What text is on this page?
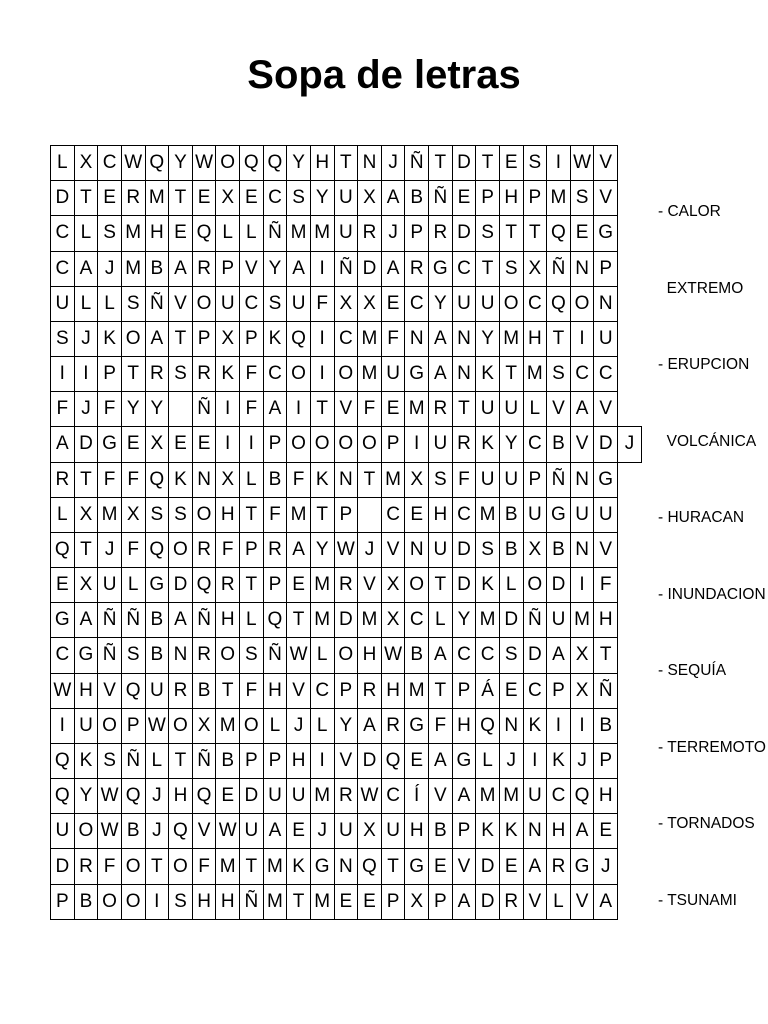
Sopa de letras
L	X	C	W	Q	Y	W	O	Q	Q	Y	H	T	N	J	Ñ	T	D	T	E	S	I	W	V	
D	T	E	R	M	T	E	X	E	C	S	Y	U	X	A	B	Ñ	E	P	H	P	M	S	V	
C	L	S	M	H	E	Q	L	L	Ñ	M	M	U	R	J	P	R	D	S	T	T	Q	E	G	
C	A	J	M	B	A	R	P	V	Y	A	I	Ñ	D	A	R	G	C	T	S	X	Ñ	N	P	
U	L	L	S	Ñ	V	O	U	C	S	U	F	X	X	E	C	Y	U	U	O	C	Q	O	N	
S	J	K	O	A	T	P	X	P	K	Q	I	C	M	F	N	A	N	Y	M	H	T	I	U	
I	I	P	T	R	S	R	K	F	C	O	I	O	M	U	G	A	N	K	T	M	S	C	C	
F	J	F	Y	Y		Ñ	I	F	A	I	T	V	F	E	M	R	T	U	U	L	V	A	V	
A	D	G	E	X	E	E	I	I	P	O	O	O	O	P	I	U	R	K	Y	C	B	V	D	J
R	T	F	F	Q	K	N	X	L	B	F	K	N	T	M	X	S	F	U	U	P	Ñ	N	G	
L	X	M	X	S	S	O	H	T	F	M	T	P		C	E	H	C	M	B	U	G	U	U	
Q	T	J	F	Q	O	R	F	P	R	A	Y	W	J	V	N	U	D	S	B	X	B	N	V	
E	X	U	L	G	D	Q	R	T	P	E	M	R	V	X	O	T	D	K	L	O	D	I	F	
G	A	Ñ	Ñ	B	A	Ñ	H	L	Q	T	M	D	M	X	C	L	Y	M	D	Ñ	U	M	H	
C	G	Ñ	S	B	N	R	O	S	Ñ	W	L	O	H	W	B	A	C	C	S	D	A	X	T	
W	H	V	Q	U	R	B	T	F	H	V	C	P	R	H	M	T	P	Á	E	C	P	X	Ñ	
I	U	O	P	W	O	X	M	O	L	J	L	Y	A	R	G	F	H	Q	N	K	I	I	B	
Q	K	S	Ñ	L	T	Ñ	B	P	P	H	I	V	D	Q	E	A	G	L	J	I	K	J	P	
Q	Y	W	Q	J	H	Q	E	D	U	U	M	R	W	C	Í	V	A	M	M	U	C	Q	H	
U	O	W	B	J	Q	V	W	U	A	E	J	U	X	U	H	B	P	K	K	N	H	A	E	
D	R	F	O	T	O	F	M	T	M	K	G	N	Q	T	G	E	V	D	E	A	R	G	J	
P	B	O	O	I	S	H	H	Ñ	M	T	M	E	E	P	X	P	A	D	R	V	L	V	A	

- CALOR

EXTREMO

- ERUPCION

VOLCÁNICA

- HURACAN

- INUNDACION

- SEQUÍA

- TERREMOTO

- TORNADOS

- TSUNAMI
